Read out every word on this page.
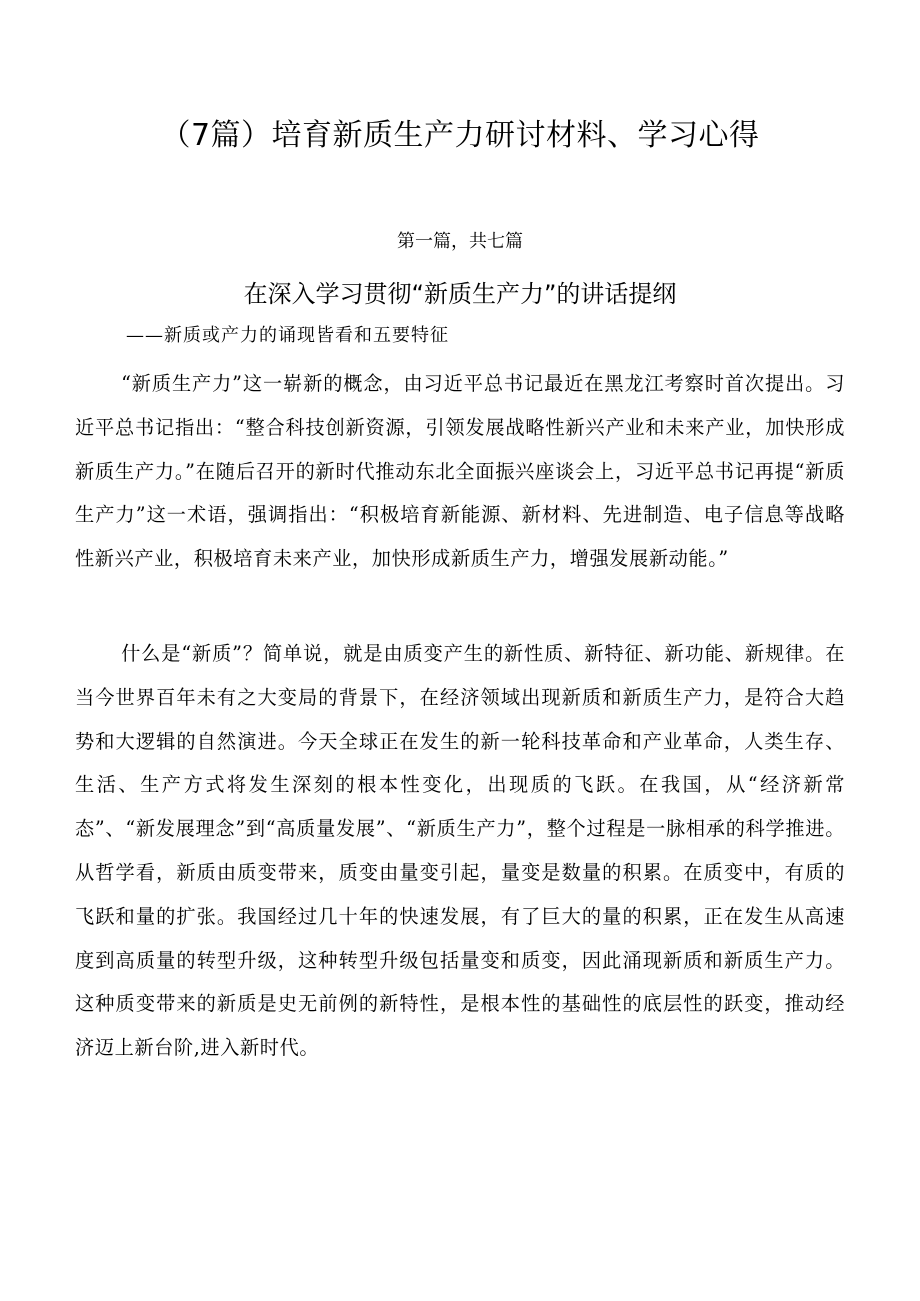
（7篇）培育新质生产力研讨材料、学习心得
第一篇，共七篇
在深入学习贯彻“新质生产力”的讲话提纲
——新质或产力的诵现皆看和五要特征

“新质生产力”这一崭新的概念，由习近平总书记最近在黑龙江考察时首次提出。习近平总书记指出：“整合科技创新资源，引领发展战略性新兴产业和未来产业，加快形成新质生产力。”在随后召开的新时代推动东北全面振兴座谈会上，习近平总书记再提“新质生产力”这一术语，强调指出：“积极培育新能源、新材料、先进制造、电子信息等战略性新兴产业，积极培育未来产业，加快形成新质生产力，增强发展新动能。”

什么是“新质”？简单说，就是由质变产生的新性质、新特征、新功能、新规律。在当今世界百年未有之大变局的背景下，在经济领域出现新质和新质生产力，是符合大趋势和大逻辑的自然演进。今天全球正在发生的新一轮科技革命和产业革命，人类生存、生活、生产方式将发生深刻的根本性变化，出现质的飞跃。在我国，从“经济新常态”、“新发展理念”到“高质量发展”、“新质生产力”，整个过程是一脉相承的科学推进。从哲学看，新质由质变带来，质变由量变引起，量变是数量的积累。在质变中，有质的飞跃和量的扩张。我国经过几十年的快速发展，有了巨大的量的积累，正在发生从高速度到高质量的转型升级，这种转型升级包括量变和质变，因此涌现新质和新质生产力。这种质变带来的新质是史无前例的新特性，是根本性的基础性的底层性的跃变，推动经济迈上新台阶,进入新时代。
